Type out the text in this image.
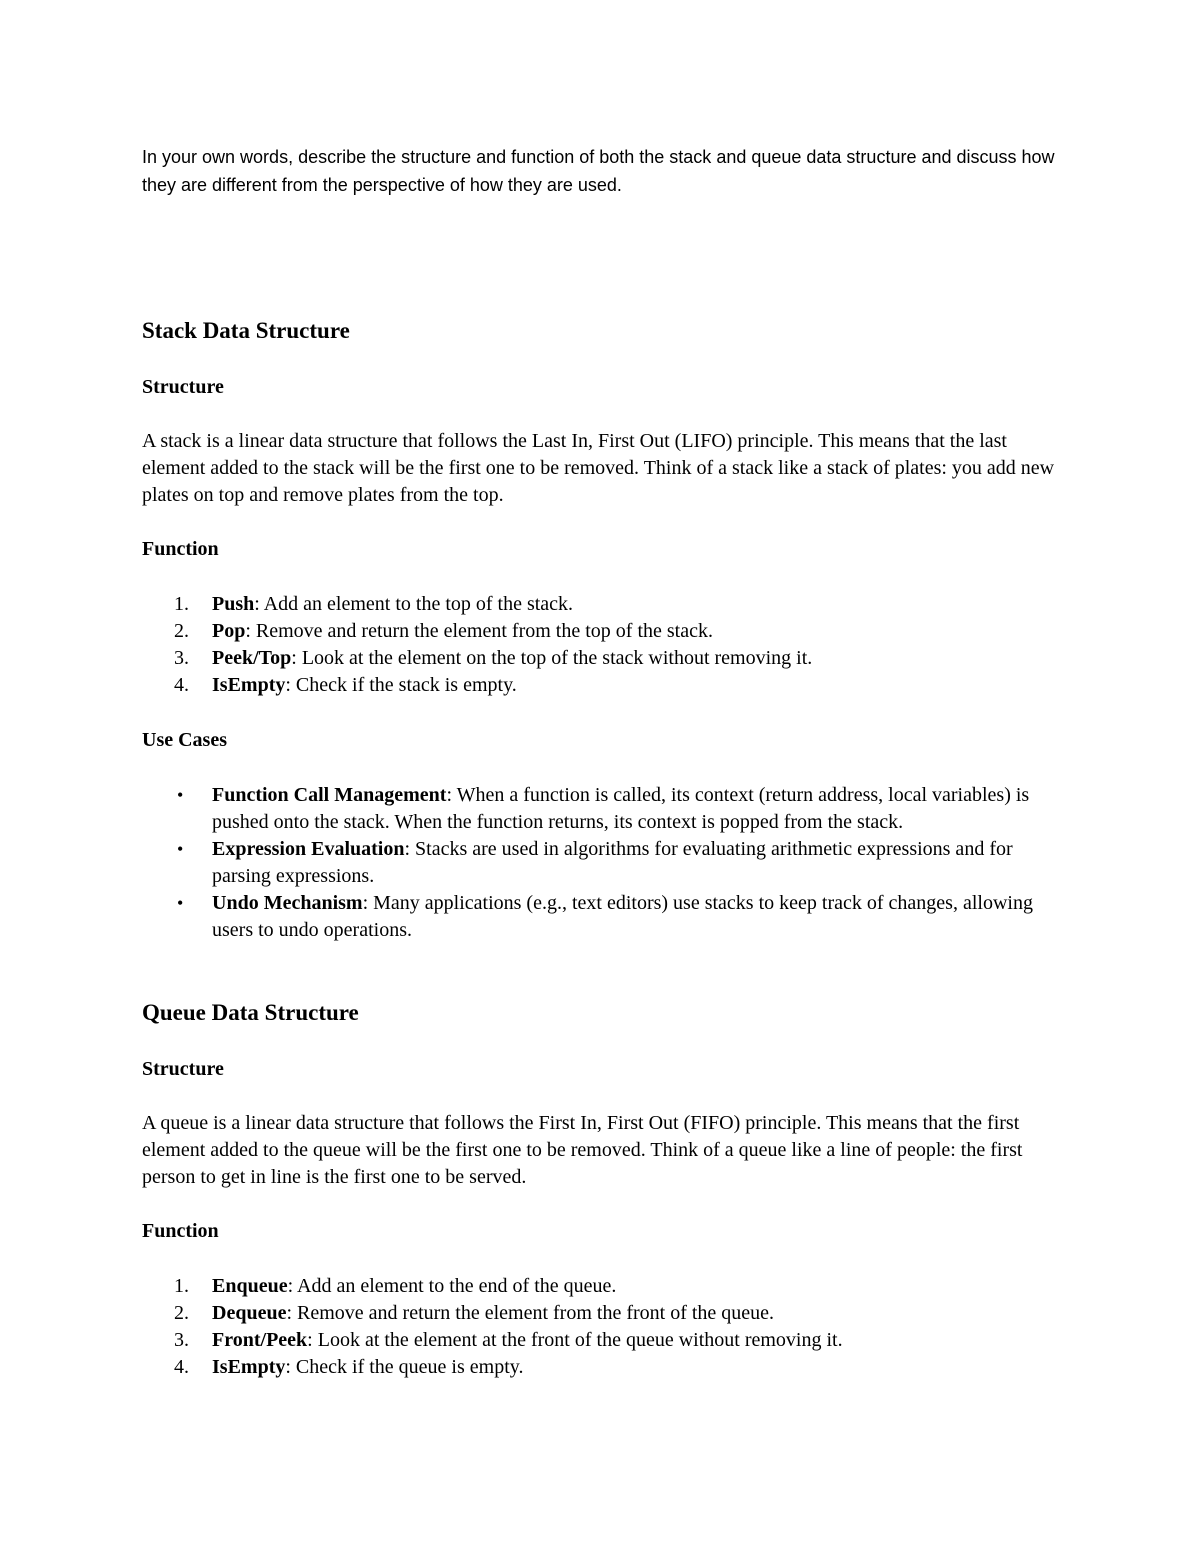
In your own words, describe the structure and function of both the stack and queue data structure and discuss how they are different from the perspective of how they are used.

Stack Data Structure
Structure

A stack is a linear data structure that follows the Last In, First Out (LIFO) principle. This means that the last element added to the stack will be the first one to be removed. Think of a stack like a stack of plates: you add new plates on top and remove plates from the top.

Function
1. Push: Add an element to the top of the stack.
2. Pop: Remove and return the element from the top of the stack.
3. Peek/Top: Look at the element on the top of the stack without removing it.
4. IsEmpty: Check if the stack is empty.
Use Cases
• Function Call Management: When a function is called, its context (return address, local variables) is pushed onto the stack. When the function returns, its context is popped from the stack.
• Expression Evaluation: Stacks are used in algorithms for evaluating arithmetic expressions and for parsing expressions.
• Undo Mechanism: Many applications (e.g., text editors) use stacks to keep track of changes, allowing users to undo operations.
Queue Data Structure
Structure

A queue is a linear data structure that follows the First In, First Out (FIFO) principle. This means that the first element added to the queue will be the first one to be removed. Think of a queue like a line of people: the first person to get in line is the first one to be served.

Function
1. Enqueue: Add an element to the end of the queue.
2. Dequeue: Remove and return the element from the front of the queue.
3. Front/Peek: Look at the element at the front of the queue without removing it.
4. IsEmpty: Check if the queue is empty.
